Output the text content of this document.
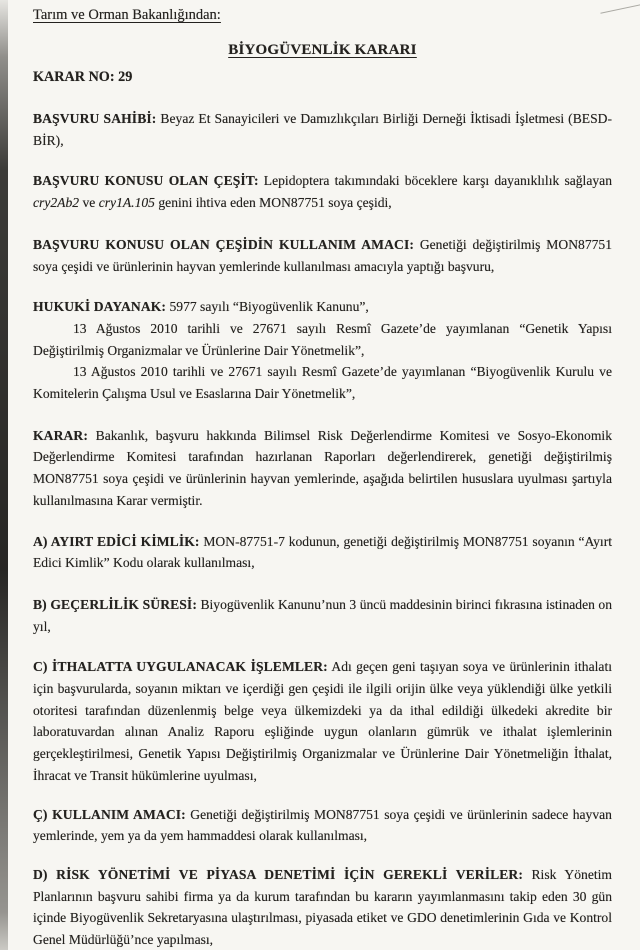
Tarım ve Orman Bakanlığından:

BİYOGÜVENLİK KARARI

KARAR NO: 29

BAŞVURU SAHİBİ: Beyaz Et Sanayicileri ve Damızlıkçıları Birliği Derneği İktisadi İşletmesi (BESD-BİR),

BAŞVURU KONUSU OLAN ÇEŞİT: Lepidoptera takımındaki böceklere karşı dayanıklılık sağlayan cry2Ab2 ve cry1A.105 genini ihtiva eden MON87751 soya çeşidi,

BAŞVURU KONUSU OLAN ÇEŞİDİN KULLANIM AMACI: Genetiği değiştirilmiş MON87751 soya çeşidi ve ürünlerinin hayvan yemlerinde kullanılması amacıyla yaptığı başvuru,

HUKUKİ DAYANAK: 5977 sayılı “Biyogüvenlik Kanunu”,

13 Ağustos 2010 tarihli ve 27671 sayılı Resmî Gazete’de yayımlanan “Genetik Yapısı Değiştirilmiş Organizmalar ve Ürünlerine Dair Yönetmelik”,

13 Ağustos 2010 tarihli ve 27671 sayılı Resmî Gazete’de yayımlanan “Biyogüvenlik Kurulu ve Komitelerin Çalışma Usul ve Esaslarına Dair Yönetmelik”,

KARAR: Bakanlık, başvuru hakkında Bilimsel Risk Değerlendirme Komitesi ve Sosyo-Ekonomik Değerlendirme Komitesi tarafından hazırlanan Raporları değerlendirerek, genetiği değiştirilmiş MON87751 soya çeşidi ve ürünlerinin hayvan yemlerinde, aşağıda belirtilen hususlara uyulması şartıyla kullanılmasına Karar vermiştir.

A) AYIRT EDİCİ KİMLİK: MON-87751-7 kodunun, genetiği değiştirilmiş MON87751 soyanın “Ayırt Edici Kimlik” Kodu olarak kullanılması,

B) GEÇERLİLİK SÜRESİ: Biyogüvenlik Kanunu’nun 3 üncü maddesinin birinci fıkrasına istinaden on yıl,

C) İTHALATTA UYGULANACAK İŞLEMLER: Adı geçen geni taşıyan soya ve ürünlerinin ithalatı için başvurularda, soyanın miktarı ve içerdiği gen çeşidi ile ilgili orijin ülke veya yüklendiği ülke yetkili otoritesi tarafından düzenlenmiş belge veya ülkemizdeki ya da ithal edildiği ülkedeki akredite bir laboratuvardan alınan Analiz Raporu eşliğinde uygun olanların gümrük ve ithalat işlemlerinin gerçekleştirilmesi, Genetik Yapısı Değiştirilmiş Organizmalar ve Ürünlerine Dair Yönetmeliğin İthalat, İhracat ve Transit hükümlerine uyulması,

Ç) KULLANIM AMACI: Genetiği değiştirilmiş MON87751 soya çeşidi ve ürünlerinin sadece hayvan yemlerinde, yem ya da yem hammaddesi olarak kullanılması,

D) RİSK YÖNETİMİ VE PİYASA DENETİMİ İÇİN GEREKLİ VERİLER: Risk Yönetim Planlarının başvuru sahibi firma ya da kurum tarafından bu kararın yayımlanmasını takip eden 30 gün içinde Biyogüvenlik Sekretaryasına ulaştırılması, piyasada etiket ve GDO denetimlerinin Gıda ve Kontrol Genel Müdürlüğü’nce yapılması,
